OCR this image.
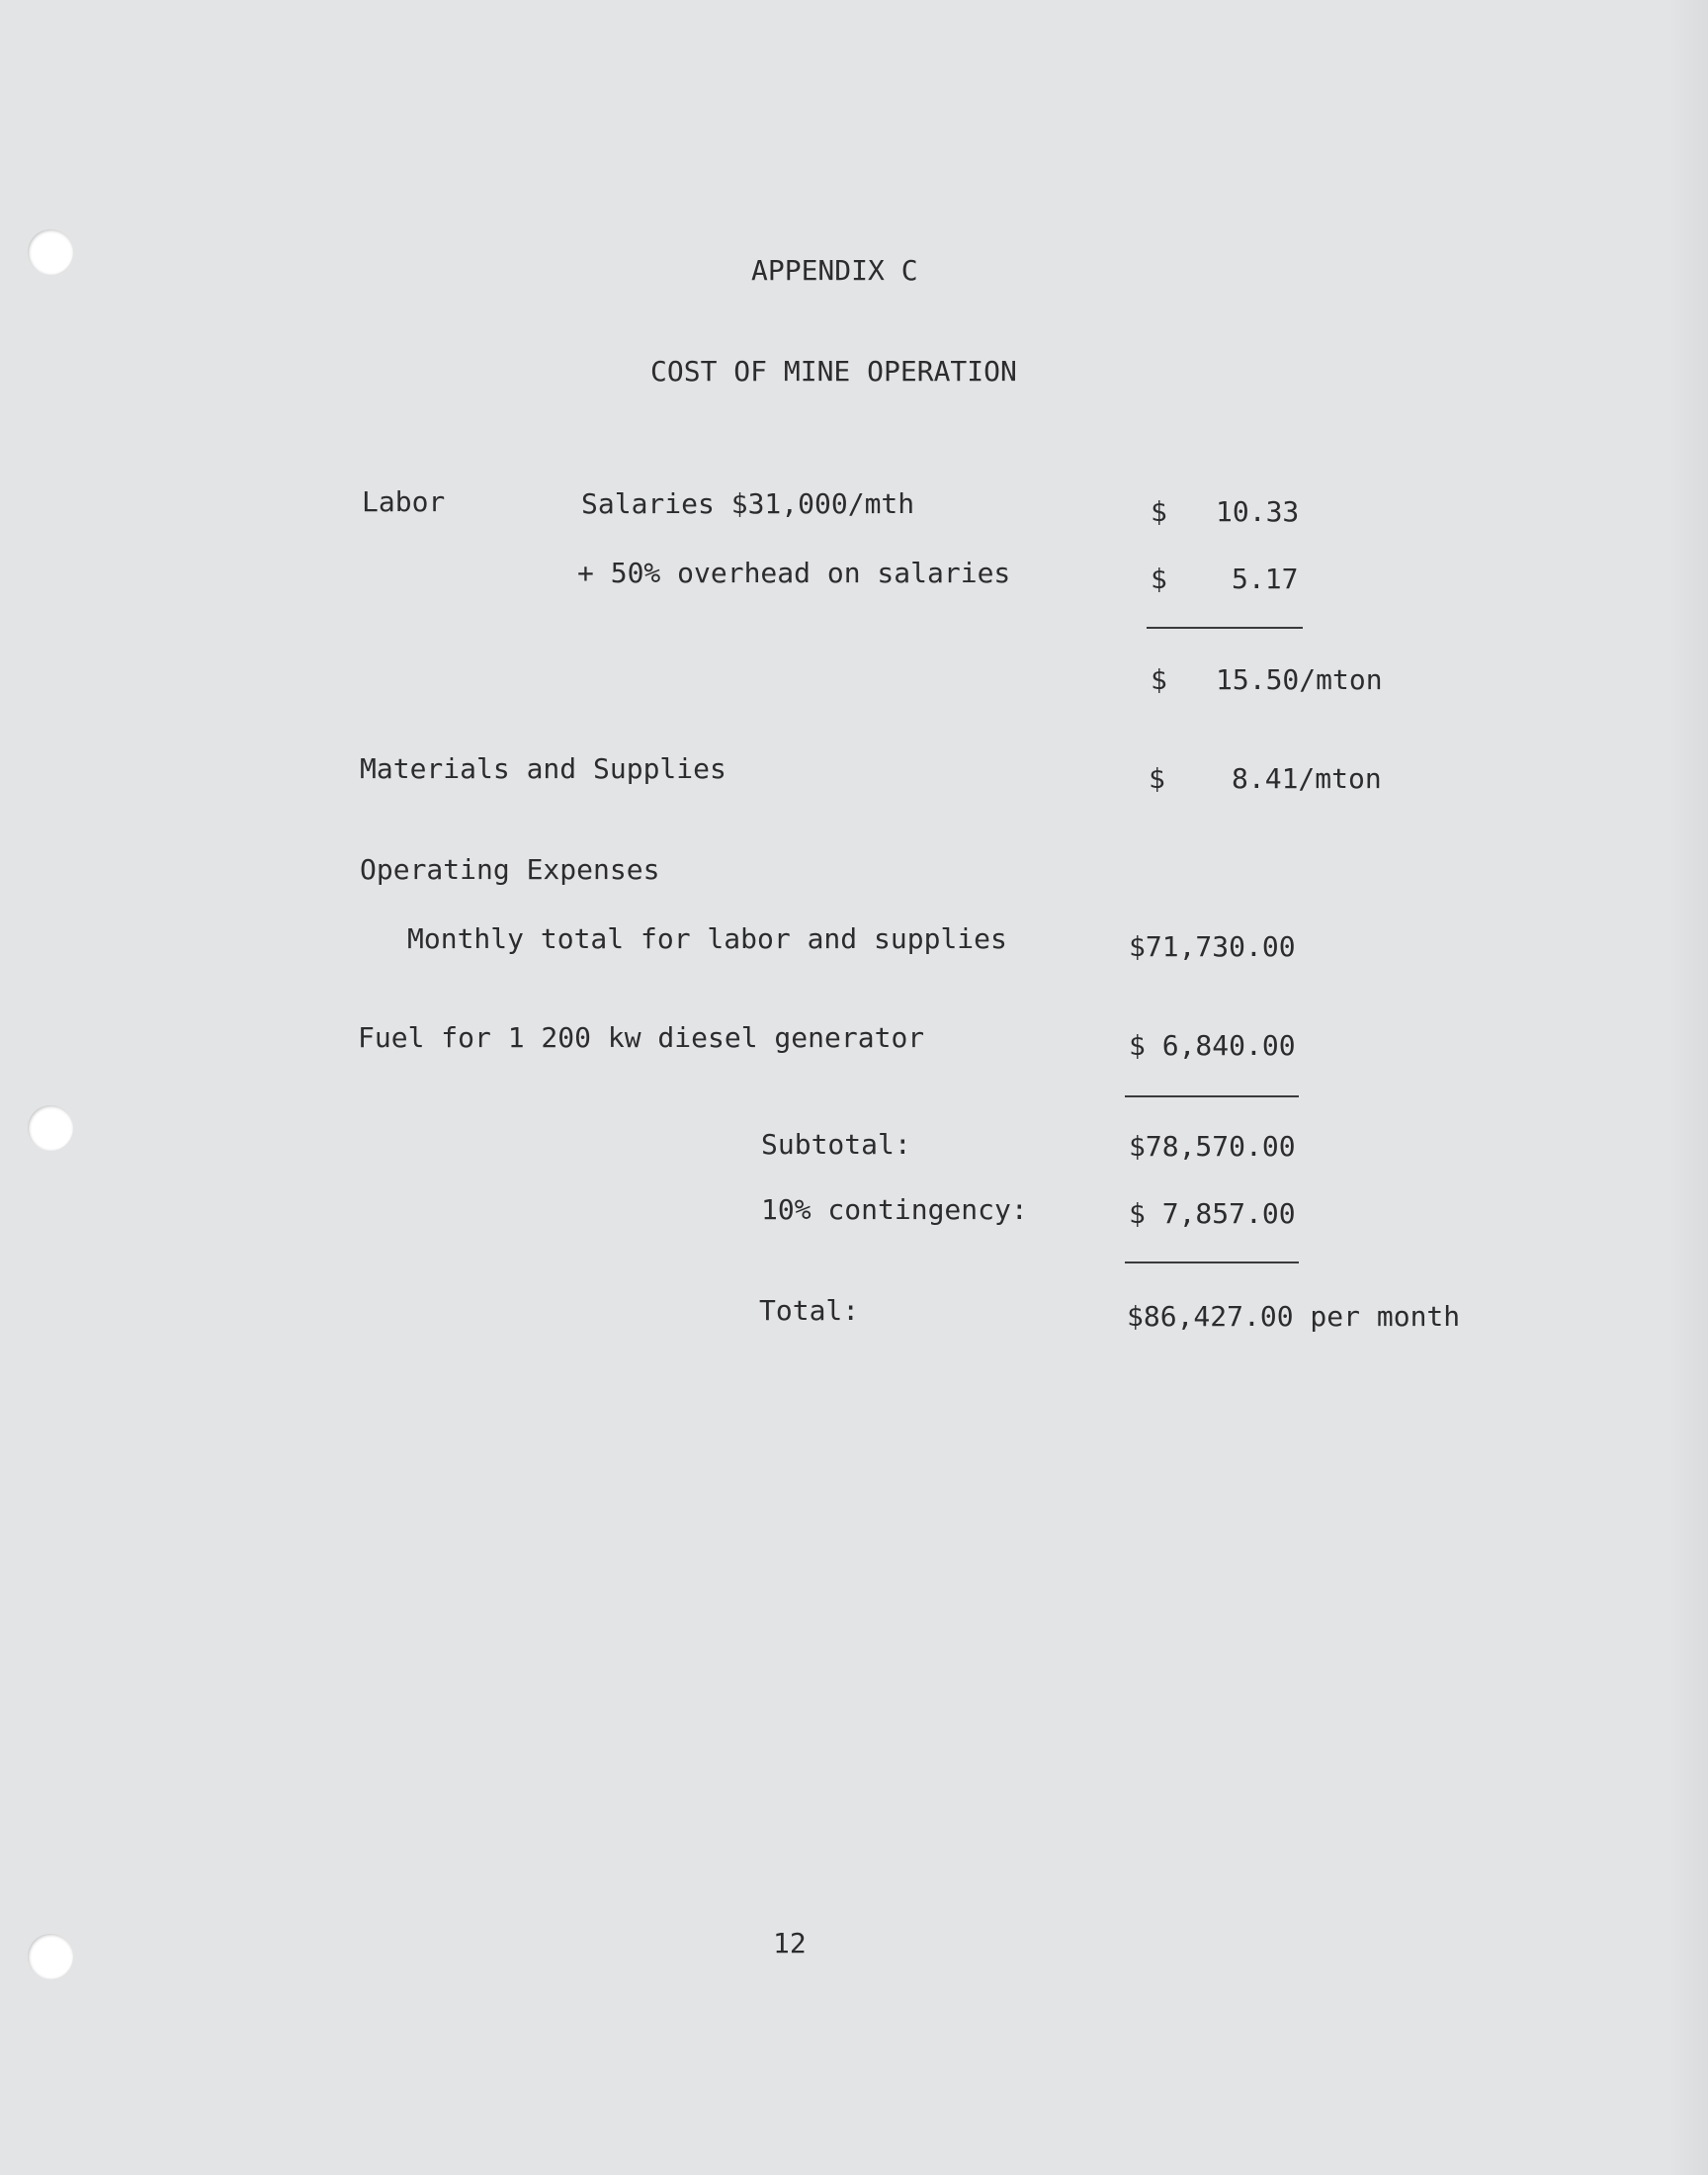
APPENDIX C
COST OF MINE OPERATION
Labor	Salaries $31,000/mth	$ 10.33
+ 50% overhead on salaries	$ 5.17
$ 15.50/mton
Materials and Supplies	$ 8.41/mton
Operating Expenses
Monthly total for labor and supplies	$71,730.00
Fuel for 1 200 kw diesel generator	$ 6,840.00
Subtotal:	$78,570.00
10% contingency:	$ 7,857.00
Total:	$86,427.00 per month
12
